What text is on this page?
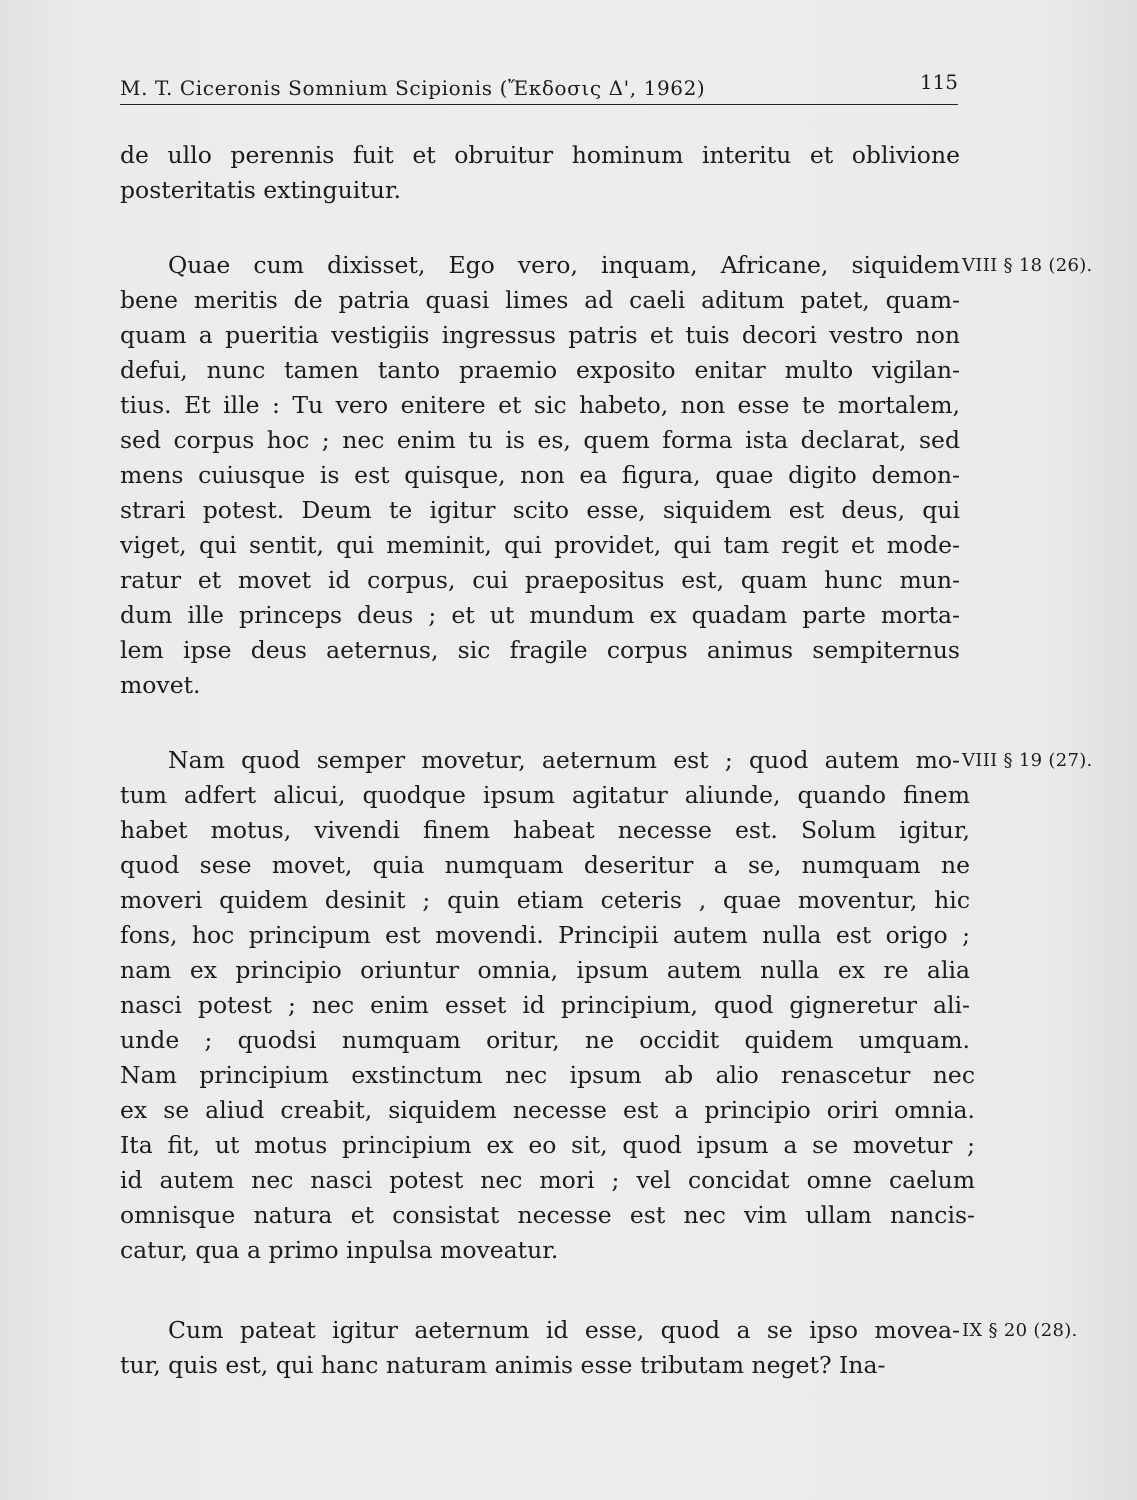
M. T. Ciceronis Somnium Scipionis (Ἔκδοσις Δ', 1962)	115
de ullo perennis fuit et obruitur hominum interitu et oblivione
posteritatis extinguitur.
Quae cum dixisset, Ego vero, inquam, Africane, siquidem VIII § 18 (26).
bene meritis de patria quasi limes ad caeli aditum patet, quam-
quam a pueritia vestigiis ingressus patris et tuis decori vestro non
defui, nunc tamen tanto praemio exposito enitar multo vigilan-
tius. Et ille : Tu vero enitere et sic habeto, non esse te mortalem,
sed corpus hoc ; nec enim tu is es, quem forma ista declarat, sed
mens cuiusque is est quisque, non ea figura, quae digito demon-
strari potest. Deum te igitur scito esse, siquidem est deus, qui
viget, qui sentit, qui meminit, qui providet, qui tam regit et mode-
ratur et movet id corpus, cui praepositus est, quam hunc mun-
dum ille princeps deus ; et ut mundum ex quadam parte morta-
lem ipse deus aeternus, sic fragile corpus animus sempiternus
movet.
Nam quod semper movetur, aeternum est ; quod autem mo- VIII § 19 (27).
tum adfert alicui, quodque ipsum agitatur aliunde, quando finem
habet motus, vivendi finem habeat necesse est. Solum igitur,
quod sese movet, quia numquam deseritur a se, numquam ne
moveri quidem desinit ; quin etiam ceteris , quae moventur, hic
fons, hoc principum est movendi. Principii autem nulla est origo ;
nam ex principio oriuntur omnia, ipsum autem nulla ex re alia
nasci potest ; nec enim esset id principium, quod gigneretur ali-
unde ; quodsi numquam oritur, ne occidit quidem umquam.
Nam principium exstinctum nec ipsum ab alio renascetur nec
ex se aliud creabit, siquidem necesse est a principio oriri omnia.
Ita fit, ut motus principium ex eo sit, quod ipsum a se movetur ;
id autem nec nasci potest nec mori ; vel concidat omne caelum
omnisque natura et consistat necesse est nec vim ullam nancis-
catur, qua a primo inpulsa moveatur.
Cum pateat igitur aeternum id esse, quod a se ipso movea- IX § 20 (28).
tur, quis est, qui hanc naturam animis esse tributam neget? Ina-
